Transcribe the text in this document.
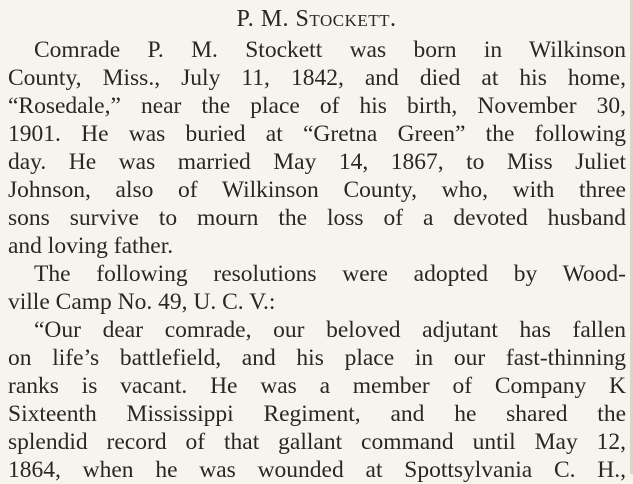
P. M. Stockett.
Comrade P. M. Stockett was born in Wilkinson
County, Miss., July 11, 1842, and died at his home,
“Rosedale,” near the place of his birth, November 30,
1901. He was buried at “Gretna Green” the following
day. He was married May 14, 1867, to Miss Juliet
Johnson, also of Wilkinson County, who, with three
sons survive to mourn the loss of a devoted husband
and loving father.
The following resolutions were adopted by Wood-
ville Camp No. 49, U. C. V.:
“Our dear comrade, our beloved adjutant has fallen
on life’s battlefield, and his place in our fast-thinning
ranks is vacant. He was a member of Company K
Sixteenth Mississippi Regiment, and he shared the
splendid record of that gallant command until May 12,
1864, when he was wounded at Spottsylvania C. H.,
